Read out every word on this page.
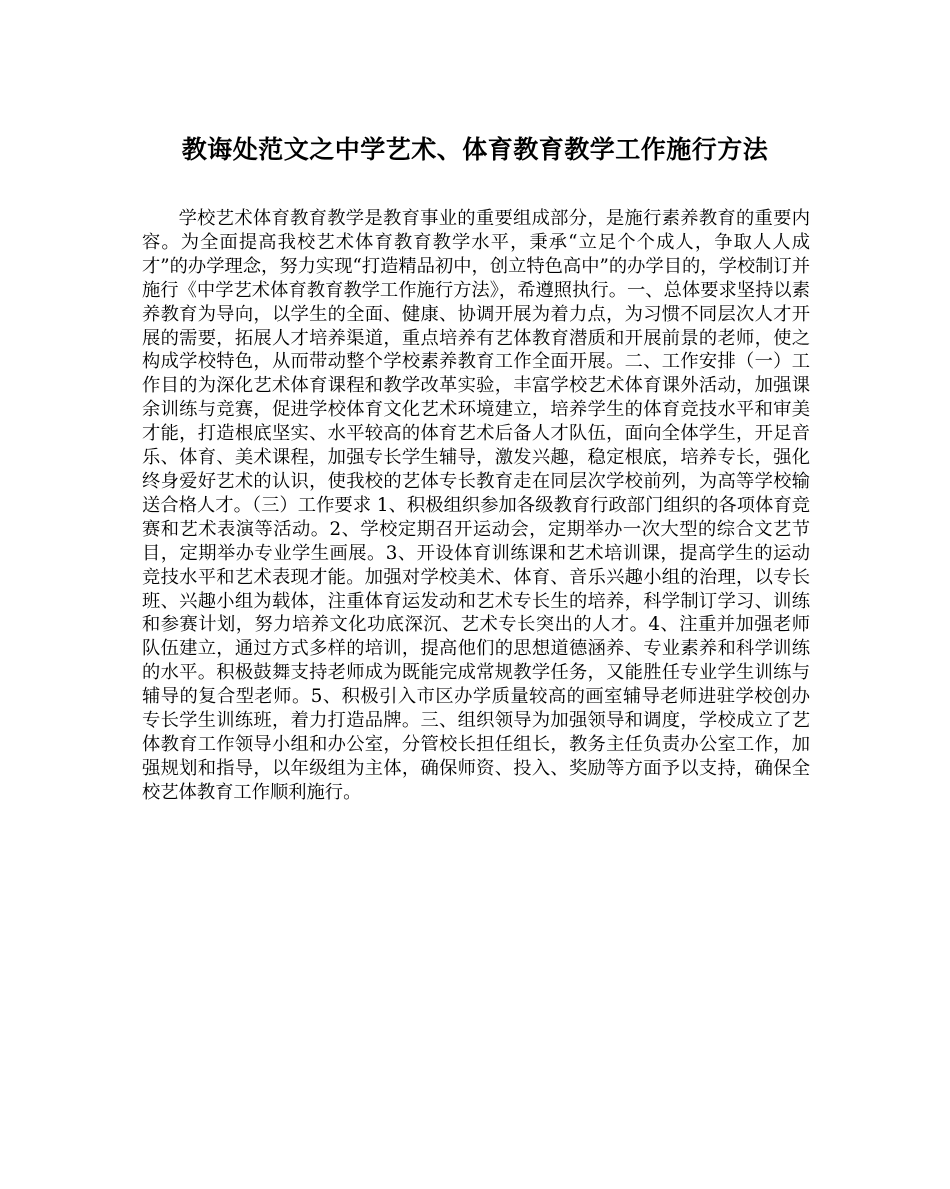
教诲处范文之中学艺术、体育教育教学工作施行方法

学校艺术体育教育教学是教育事业的重要组成部分，是施行素养教育的重要内容。为全面提高我校艺术体育教育教学水平，秉承“立足个个成人，争取人人成才”的办学理念，努力实现“打造精品初中，创立特色高中”的办学目的，学校制订并施行《中学艺术体育教育教学工作施行方法》，希遵照执行。一、总体要求坚持以素养教育为导向，以学生的全面、健康、协调开展为着力点，为习惯不同层次人才开展的需要，拓展人才培养渠道，重点培养有艺体教育潜质和开展前景的老师，使之构成学校特色，从而带动整个学校素养教育工作全面开展。二、工作安排（一）工作目的为深化艺术体育课程和教学改革实验，丰富学校艺术体育课外活动，加强课余训练与竞赛，促进学校体育文化艺术环境建立，培养学生的体育竞技水平和审美才能，打造根底坚实、水平较高的体育艺术后备人才队伍，面向全体学生，开足音乐、体育、美术课程，加强专长学生辅导，激发兴趣，稳定根底，培养专长，强化终身爱好艺术的认识，使我校的艺体专长教育走在同层次学校前列，为高等学校输送合格人才。（三）工作要求 1、积极组织参加各级教育行政部门组织的各项体育竞赛和艺术表演等活动。2、学校定期召开运动会，定期举办一次大型的综合文艺节目，定期举办专业学生画展。3、开设体育训练课和艺术培训课，提高学生的运动竞技水平和艺术表现才能。加强对学校美术、体育、音乐兴趣小组的治理，以专长班、兴趣小组为载体，注重体育运发动和艺术专长生的培养，科学制订学习、训练和参赛计划，努力培养文化功底深沉、艺术专长突出的人才。4、注重并加强老师队伍建立，通过方式多样的培训，提高他们的思想道德涵养、专业素养和科学训练的水平。积极鼓舞支持老师成为既能完成常规教学任务，又能胜任专业学生训练与辅导的复合型老师。5、积极引入市区办学质量较高的画室辅导老师进驻学校创办专长学生训练班，着力打造品牌。三、组织领导为加强领导和调度，学校成立了艺体教育工作领导小组和办公室，分管校长担任组长，教务主任负责办公室工作，加强规划和指导，以年级组为主体，确保师资、投入、奖励等方面予以支持，确保全校艺体教育工作顺利施行。
